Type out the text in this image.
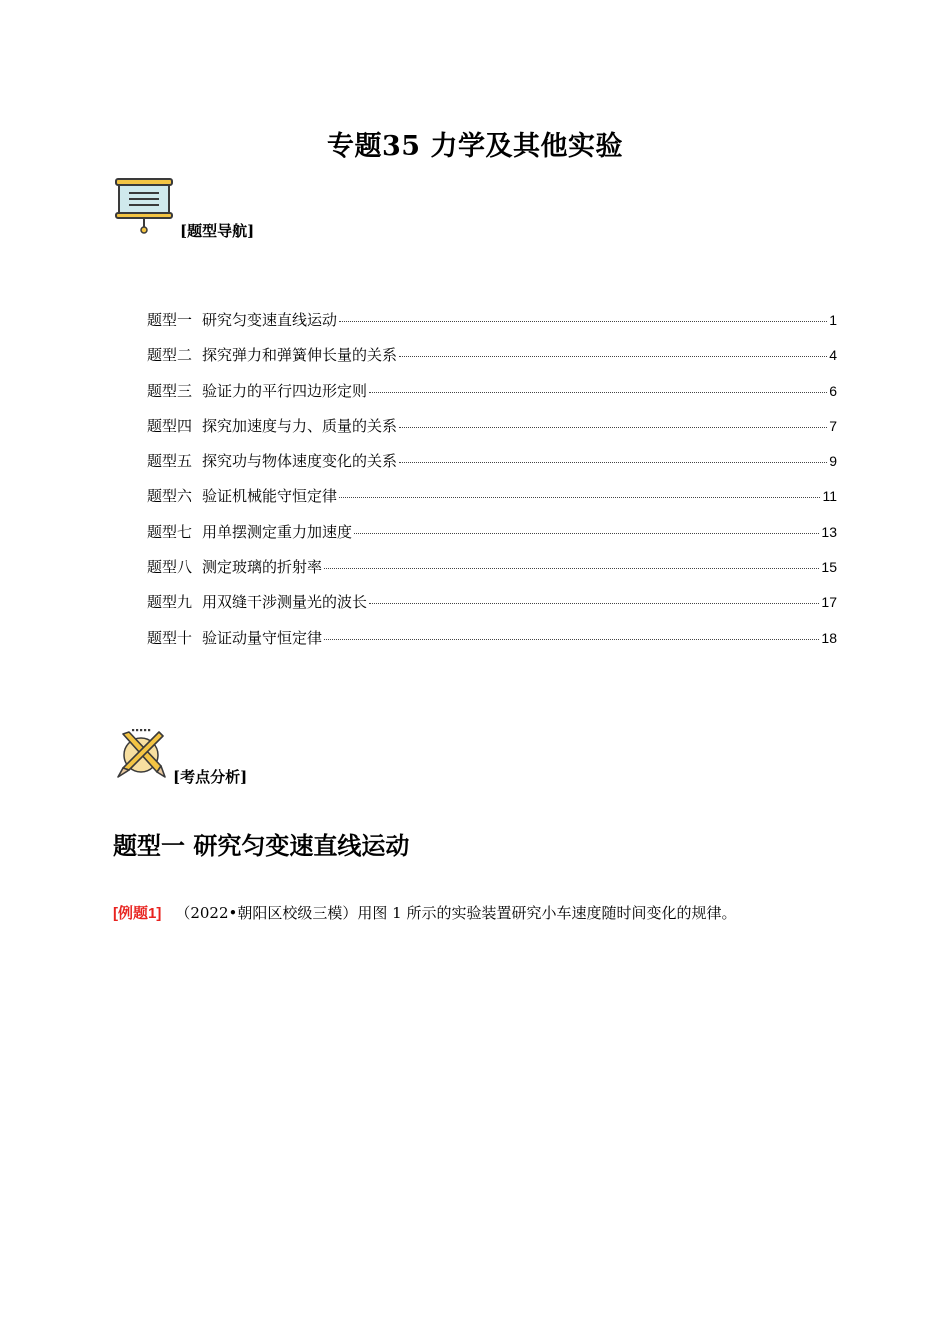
专题35 力学及其他实验
[题型导航]
题型一 研究匀变速直线运动	1
题型二 探究弹力和弹簧伸长量的关系	4
题型三 验证力的平行四边形定则	6
题型四 探究加速度与力、质量的关系	7
题型五 探究功与物体速度变化的关系	9
题型六 验证机械能守恒定律	11
题型七 用单摆测定重力加速度	13
题型八 测定玻璃的折射率	15
题型九 用双缝干涉测量光的波长	17
题型十 验证动量守恒定律	18
[考点分析]
题型一 研究匀变速直线运动
[例题1] （2022•朝阳区校级三模）用图 1 所示的实验装置研究小车速度随时间变化的规律。
